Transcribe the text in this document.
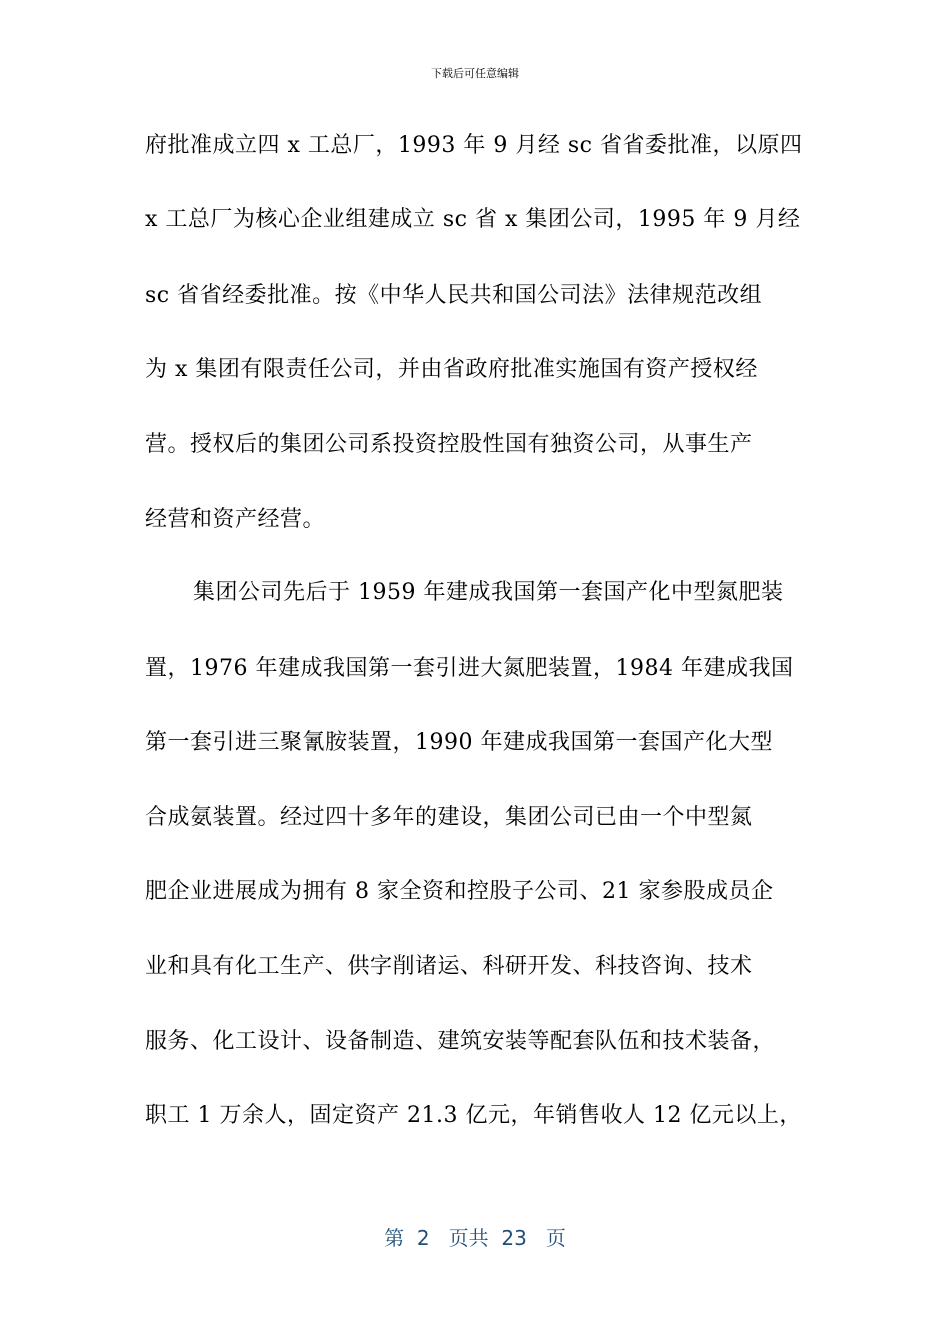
下载后可任意编辑
府批准成立四 x 工总厂，1993 年 9 月经 sc 省省委批准，以原四
x 工总厂为核心企业组建成立 sc 省 x 集团公司，1995 年 9 月经
sc 省省经委批准。按《中华人民共和国公司法》法律规范改组
为 x 集团有限责任公司，并由省政府批准实施国有资产授权经
营。授权后的集团公司系投资控股性国有独资公司，从事生产
经营和资产经营。
集团公司先后于 1959 年建成我国第一套国产化中型氮肥装
置，1976 年建成我国第一套引进大氮肥装置，1984 年建成我国
第一套引进三聚氰胺装置，1990 年建成我国第一套国产化大型
合成氨装置。经过四十多年的建设，集团公司已由一个中型氮
肥企业进展成为拥有 8 家全资和控股子公司、21 家参股成员企
业和具有化工生产、供字削诸运、科研开发、科技咨询、技术
服务、化工设计、设备制造、建筑安装等配套队伍和技术装备，
职工 1 万余人，固定资产 21.3 亿元，年销售收人 12 亿元以上，
第  2   页共  23   页
